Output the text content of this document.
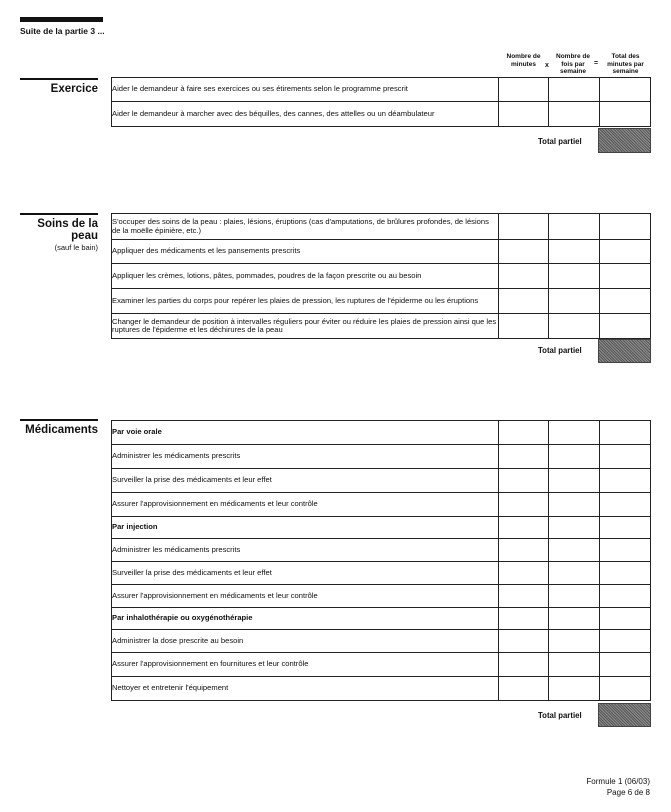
Suite de la partie 3 ...
Nombre de minutes	x
Nombre de fois par semaine
=
Total des minutes par semaine
Exercice Aider le demandeur à faire ses exercices ou ses étirements selon le programme prescrit			
Aider le demandeur à marcher avec des béquilles, des cannes, des attelles ou un déambulateur			
Total partiel
Soins de la
peau
(sauf le bain)
S'occuper des soins de la peau : plaies, lésions, éruptions (cas d'amputations, de brûlures profondes, de lésions de la moëlle épinière, etc.)			
Appliquer des médicaments et les pansements prescrits			
Appliquer les crèmes, lotions, pâtes, pommades, poudres de la façon prescrite ou au besoin			
Examiner les parties du corps pour repérer les plaies de pression, les ruptures de l'épiderme ou les éruptions			
Changer le demandeur de position à intervalles réguliers pour éviter ou réduire les plaies de pression ainsi que les ruptures de l'épiderme et les déchirures de la peau			
Total partiel
Médicaments Par voie orale			
Administrer les médicaments prescrits			
Surveiller la prise des médicaments et leur effet			
Assurer l'approvisionnement en médicaments et leur contrôle			
Par injection			
Administrer les médicaments prescrits			
Surveiller la prise des médicaments et leur effet			
Assurer l'approvisionnement en médicaments et leur contrôle			
Par inhalothérapie ou oxygénothérapie			
Administrer la dose prescrite au besoin			
Assurer l'approvisionnement en fournitures et leur contrôle			
Nettoyer et entretenir l'équipement			
Total partiel
Formule 1 (06/03)
Page 6 de 8
